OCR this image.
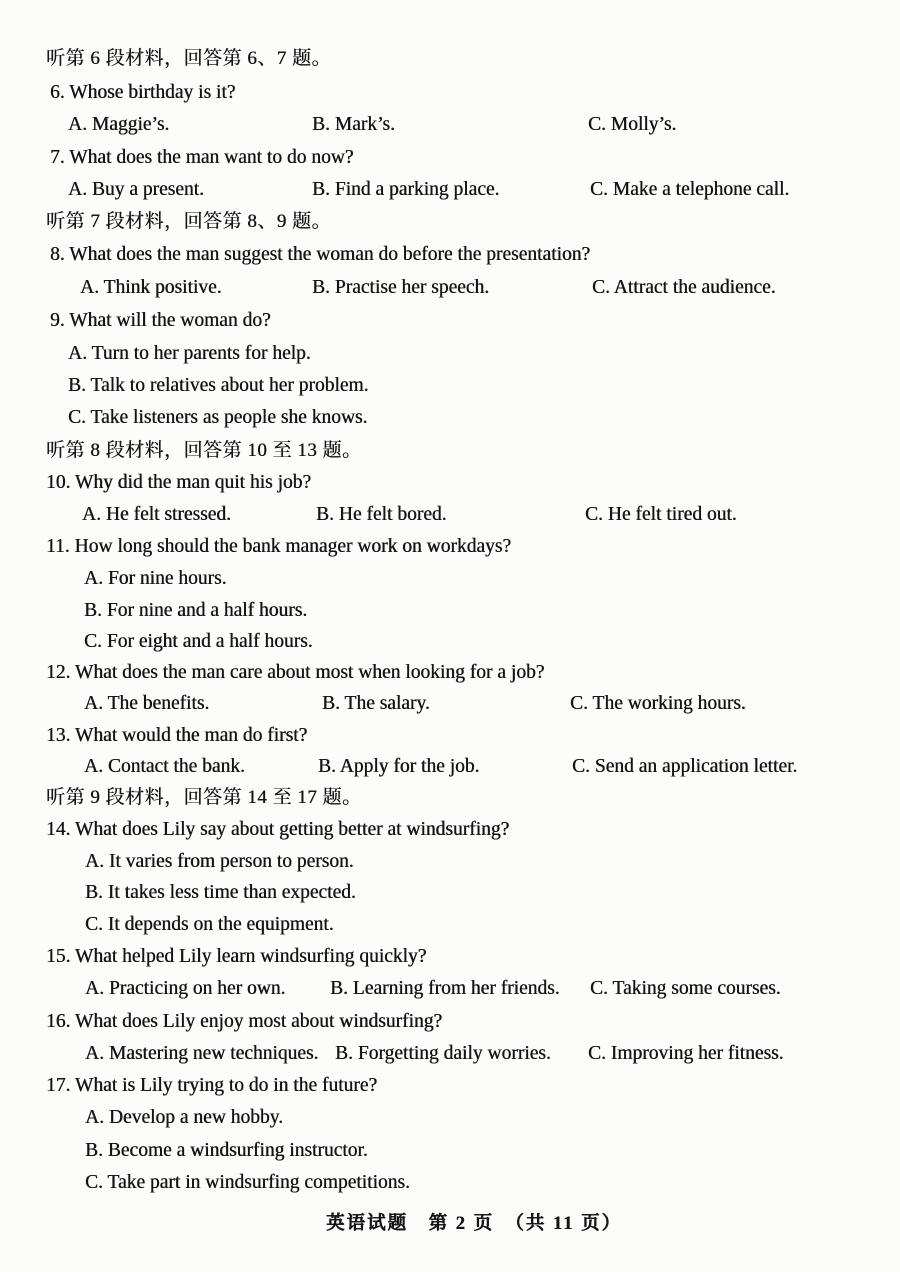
听第 6 段材料，回答第 6、7 题。
6. Whose birthday is it?
A. Maggie’s.	B. Mark’s.	C. Molly’s.
7. What does the man want to do now?
A. Buy a present.	B. Find a parking place.	C. Make a telephone call.
听第 7 段材料，回答第 8、9 题。
8. What does the man suggest the woman do before the presentation?
A. Think positive.	B. Practise her speech.	C. Attract the audience.
9. What will the woman do?
A. Turn to her parents for help.
B. Talk to relatives about her problem.
C. Take listeners as people she knows.
听第 8 段材料，回答第 10 至 13 题。
10. Why did the man quit his job?
A. He felt stressed.	B. He felt bored.	C. He felt tired out.
11. How long should the bank manager work on workdays?
A. For nine hours.
B. For nine and a half hours.
C. For eight and a half hours.
12. What does the man care about most when looking for a job?
A. The benefits.	B. The salary.	C. The working hours.
13. What would the man do first?
A. Contact the bank.	B. Apply for the job.	C. Send an application letter.
听第 9 段材料，回答第 14 至 17 题。
14. What does Lily say about getting better at windsurfing?
A. It varies from person to person.
B. It takes less time than expected.
C. It depends on the equipment.
15. What helped Lily learn windsurfing quickly?
A. Practicing on her own. B. Learning from her friends. C. Taking some courses.
16. What does Lily enjoy most about windsurfing?
A. Mastering new techniques. B. Forgetting daily worries. C. Improving her fitness.
17. What is Lily trying to do in the future?
A. Develop a new hobby.
B. Become a windsurfing instructor.
C. Take part in windsurfing competitions.
英语试题　第 2 页　（共 11 页）
